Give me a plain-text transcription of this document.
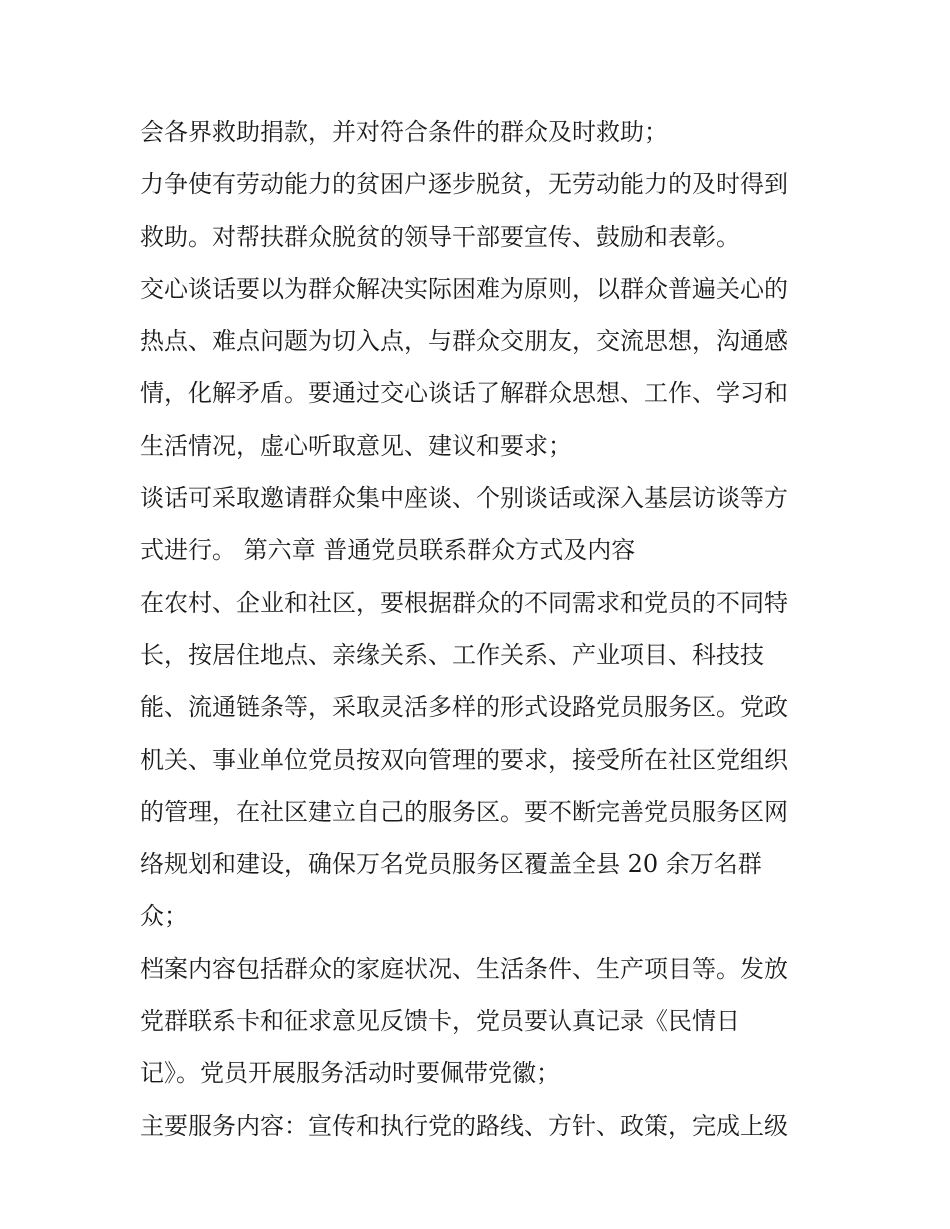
会各界救助捐款，并对符合条件的群众及时救助；
力争使有劳动能力的贫困户逐步脱贫，无劳动能力的及时得到
救助。对帮扶群众脱贫的领导干部要宣传、鼓励和表彰。
交心谈话要以为群众解决实际困难为原则，以群众普遍关心的
热点、难点问题为切入点，与群众交朋友，交流思想，沟通感
情，化解矛盾。要通过交心谈话了解群众思想、工作、学习和
生活情况，虚心听取意见、建议和要求；
谈话可采取邀请群众集中座谈、个别谈话或深入基层访谈等方
式进行。 第六章 普通党员联系群众方式及内容
在农村、企业和社区，要根据群众的不同需求和党员的不同特
长，按居住地点、亲缘关系、工作关系、产业项目、科技技
能、流通链条等，采取灵活多样的形式设路党员服务区。党政
机关、事业单位党员按双向管理的要求，接受所在社区党组织
的管理，在社区建立自己的服务区。要不断完善党员服务区网
络规划和建设，确保万名党员服务区覆盖全县 20 余万名群
众；
档案内容包括群众的家庭状况、生活条件、生产项目等。发放
党群联系卡和征求意见反馈卡，党员要认真记录《民情日
记》。党员开展服务活动时要佩带党徽；
主要服务内容：宣传和执行党的路线、方针、政策，完成上级
